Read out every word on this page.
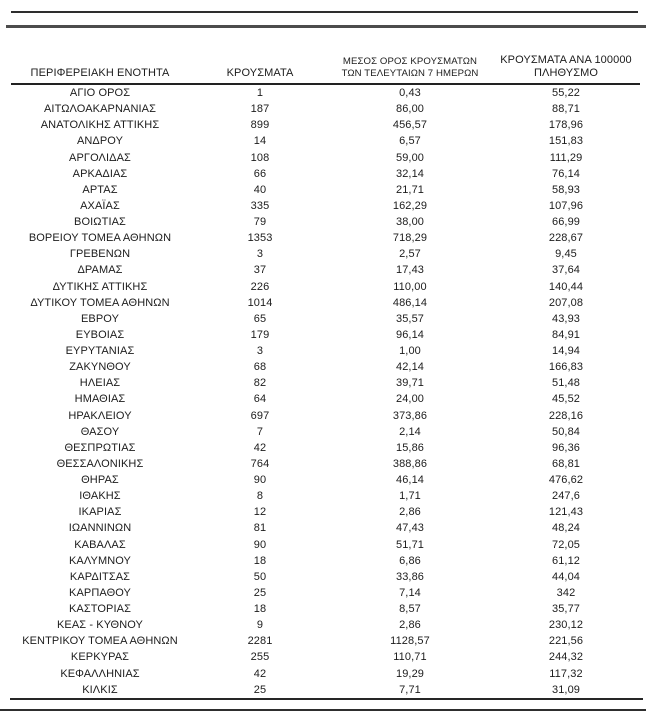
ΠΕΡΙΦΕΡΕΙΑΚΗ ΕΝΟΤΗΤΑ	ΚΡΟΥΣΜΑΤΑ
ΜΕΣΟΣ ΟΡΟΣ ΚΡΟΥΣΜΑΤΩΝ
ΤΩΝ ΤΕΛΕΥΤΑΙΩΝ 7 ΗΜΕΡΩΝ
ΚΡΟΥΣΜΑΤΑ ΑΝΑ 100000
ΠΛΗΘΥΣΜΟ
ΑΓΙΟ ΟΡΟΣ	1	0,43	55,22
ΑΙΤΩΛΟΑΚΑΡΝΑΝΙΑΣ	187	86,00	88,71
ΑΝΑΤΟΛΙΚΗΣ ΑΤΤΙΚΗΣ	899	456,57	178,96
ΑΝΔΡΟΥ	14	6,57	151,83
ΑΡΓΟΛΙΔΑΣ	108	59,00	111,29
ΑΡΚΑΔΙΑΣ	66	32,14	76,14
ΑΡΤΑΣ	40	21,71	58,93
ΑΧΑΪΑΣ	335	162,29	107,96
ΒΟΙΩΤΙΑΣ	79	38,00	66,99
ΒΟΡΕΙΟΥ ΤΟΜΕΑ ΑΘΗΝΩΝ	1353	718,29	228,67
ΓΡΕΒΕΝΩΝ	3	2,57	9,45
ΔΡΑΜΑΣ	37	17,43	37,64
ΔΥΤΙΚΗΣ ΑΤΤΙΚΗΣ	226	110,00	140,44
ΔΥΤΙΚΟΥ ΤΟΜΕΑ ΑΘΗΝΩΝ	1014	486,14	207,08
ΕΒΡΟΥ	65	35,57	43,93
ΕΥΒΟΙΑΣ	179	96,14	84,91
ΕΥΡΥΤΑΝΙΑΣ	3	1,00	14,94
ΖΑΚΥΝΘΟΥ	68	42,14	166,83
ΗΛΕΙΑΣ	82	39,71	51,48
ΗΜΑΘΙΑΣ	64	24,00	45,52
ΗΡΑΚΛΕΙΟΥ	697	373,86	228,16
ΘΑΣΟΥ	7	2,14	50,84
ΘΕΣΠΡΩΤΙΑΣ	42	15,86	96,36
ΘΕΣΣΑΛΟΝΙΚΗΣ	764	388,86	68,81
ΘΗΡΑΣ	90	46,14	476,62
ΙΘΑΚΗΣ	8	1,71	247,6
ΙΚΑΡΙΑΣ	12	2,86	121,43
ΙΩΑΝΝΙΝΩΝ	81	47,43	48,24
ΚΑΒΑΛΑΣ	90	51,71	72,05
ΚΑΛΥΜΝΟΥ	18	6,86	61,12
ΚΑΡΔΙΤΣΑΣ	50	33,86	44,04
ΚΑΡΠΑΘΟΥ	25	7,14	342
ΚΑΣΤΟΡΙΑΣ	18	8,57	35,77
ΚΕΑΣ - ΚΥΘΝΟΥ	9	2,86	230,12
ΚΕΝΤΡΙΚΟΥ ΤΟΜΕΑ ΑΘΗΝΩΝ	2281	1128,57	221,56
ΚΕΡΚΥΡΑΣ	255	110,71	244,32
ΚΕΦΑΛΛΗΝΙΑΣ	42	19,29	117,32
ΚΙΛΚΙΣ	25	7,71	31,09
